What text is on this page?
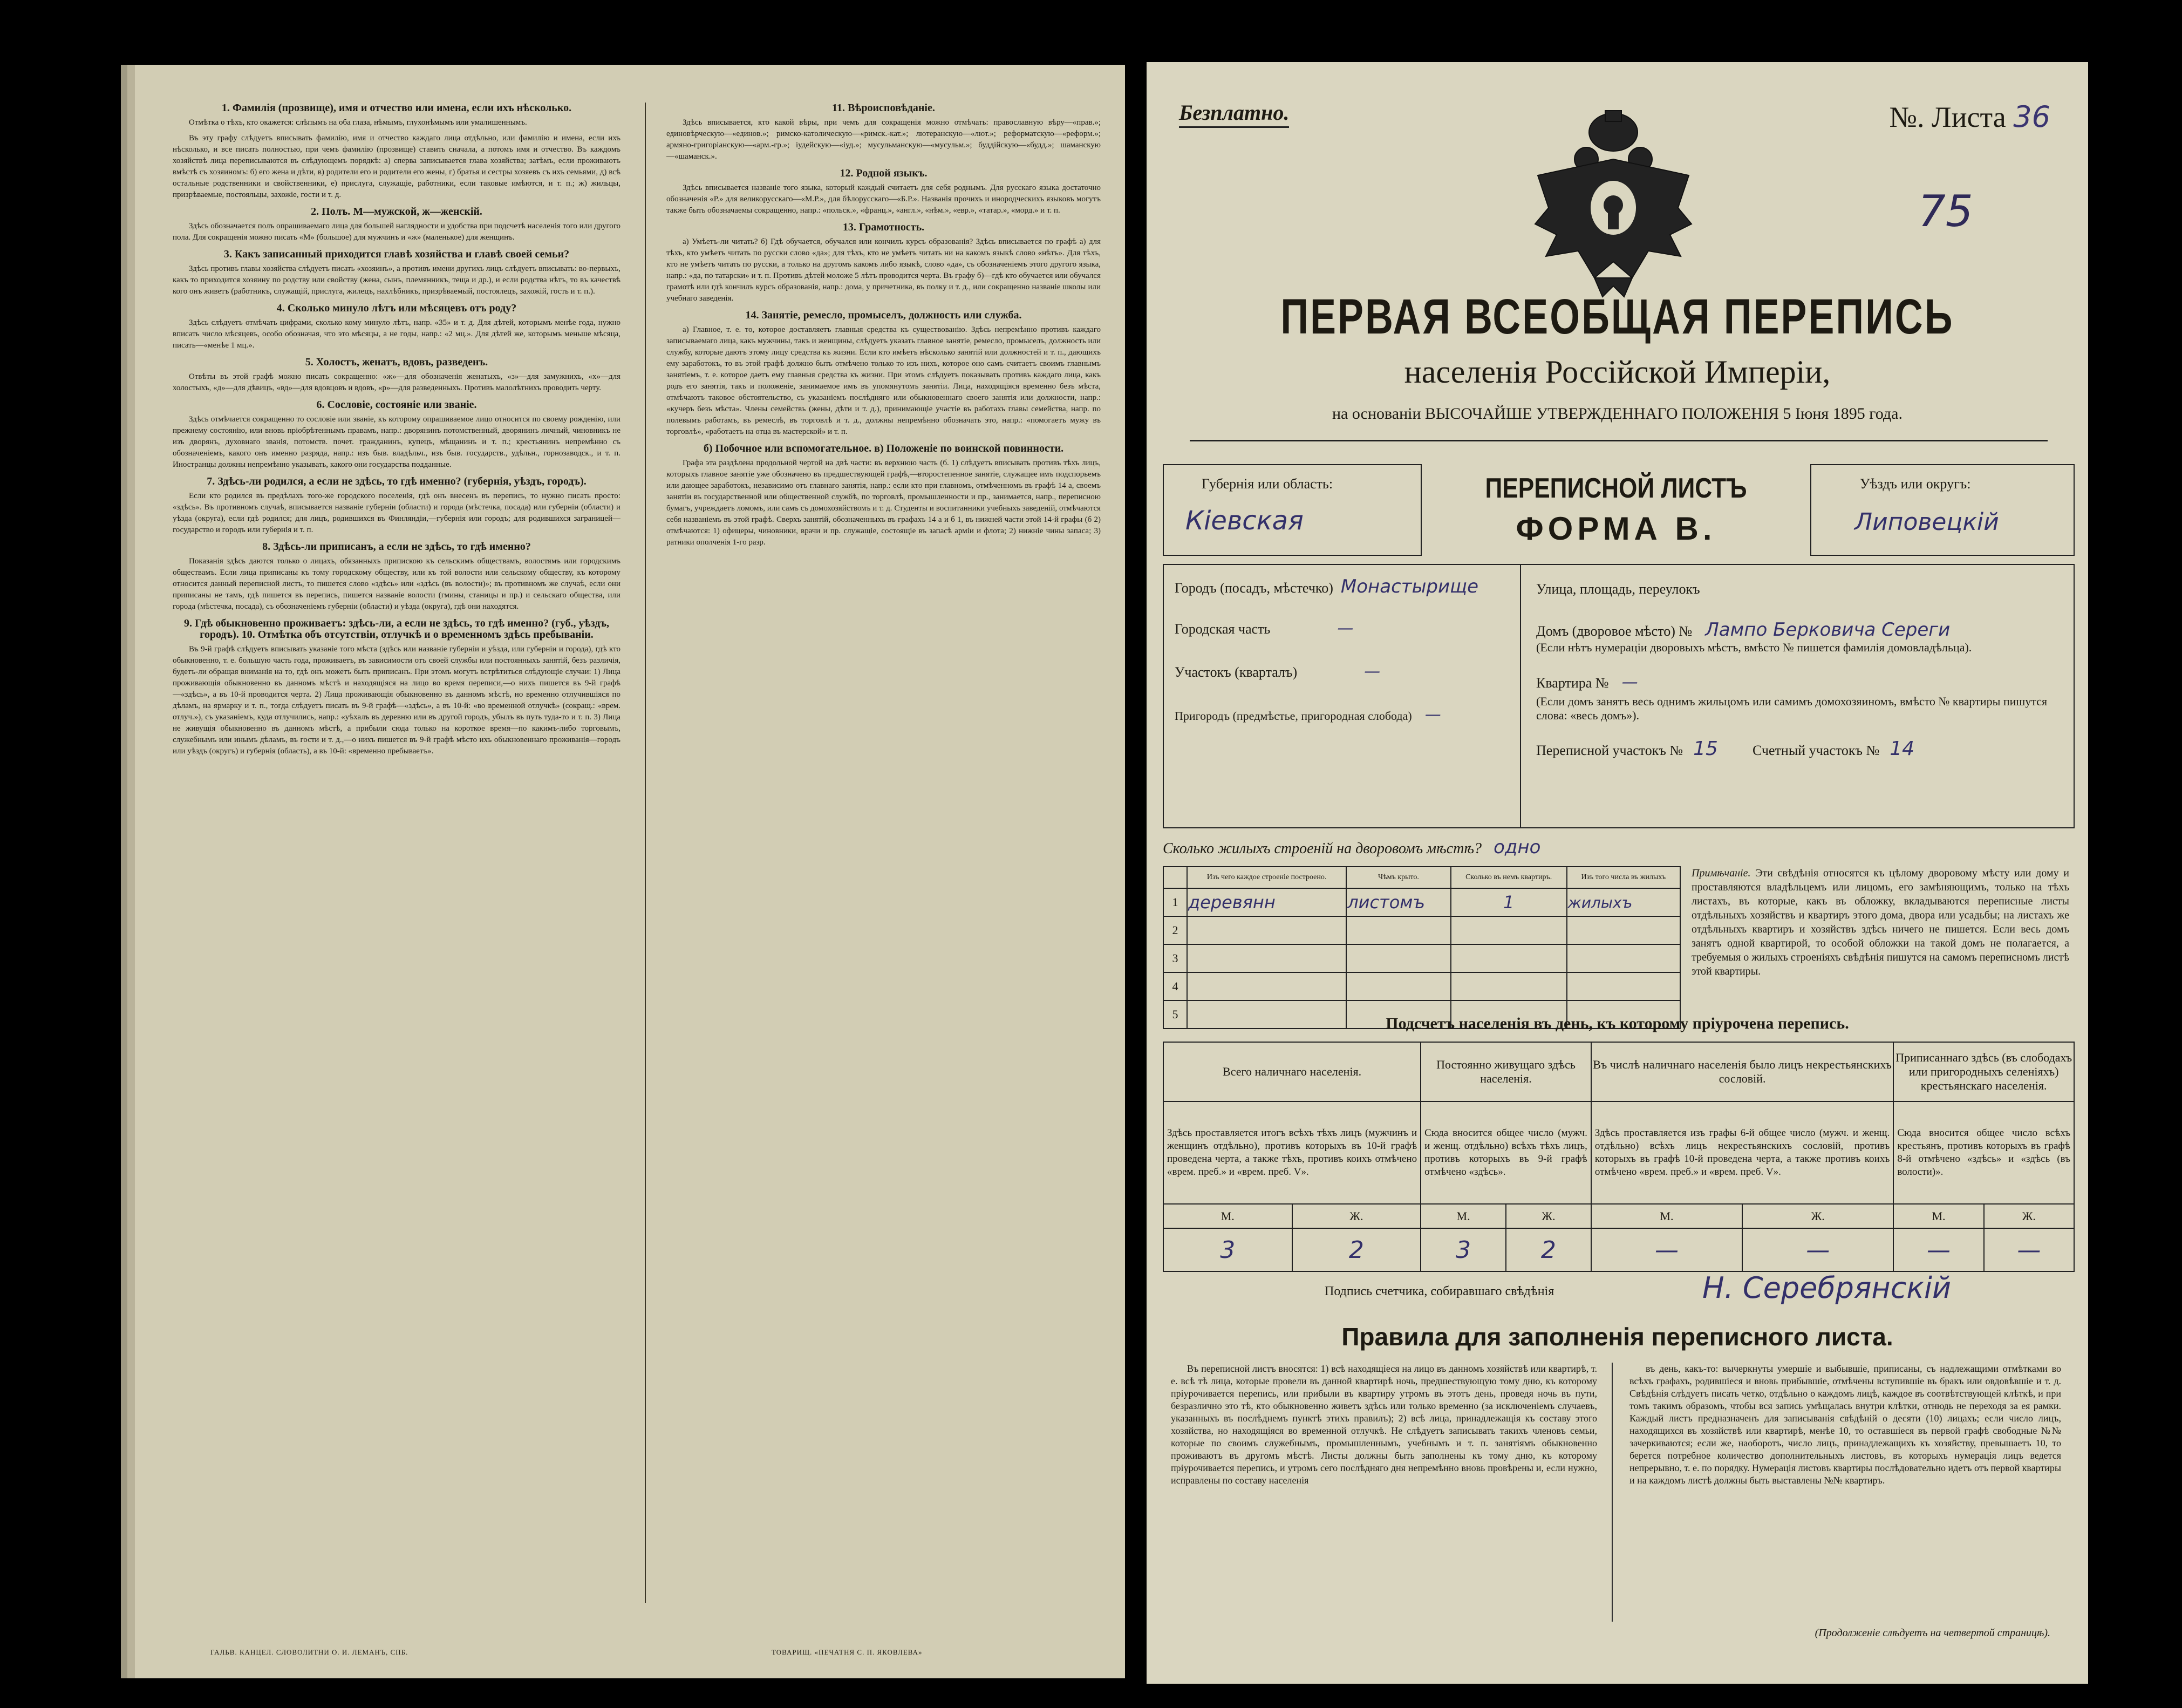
1. Фамилія (прозвище), имя и отчество или имена, если ихъ нѣсколько.

Отмѣтка о тѣхъ, кто окажется: слѣпымъ на оба глаза, нѣмымъ, глухонѣмымъ или умалишеннымъ.

Въ эту графу слѣдуетъ вписывать фамилію, имя и отчество каждаго лица отдѣльно, или фамилію и имена, если ихъ нѣсколько, и все писать полностью, при чемъ фамилію (прозвище) ставить сначала, а потомъ имя и отчество. Въ каждомъ хозяйствѣ лица переписываются въ слѣдующемъ порядкѣ: а) сперва записывается глава хозяйства; затѣмъ, если проживаютъ вмѣстѣ съ хозяиномъ: б) его жена и дѣти, в) родители его и родители его жены, г) братья и сестры хозяевъ съ ихъ семьями, д) всѣ остальные родственники и свойственники, е) прислуга, служащіе, работники, если таковые имѣются, и т. п.; ж) жильцы, призрѣваемые, постояльцы, захожіе, гости и т. д.

2. Полъ. М—мужской, ж—женскій.

Здѣсь обозначается полъ опрашиваемаго лица для большей наглядности и удобства при подсчетѣ населенія того или другого пола. Для сокращенія можно писать «М» (большое) для мужчинъ и «ж» (маленькое) для женщинъ.

3. Какъ записанный приходится главѣ хозяйства и главѣ своей семьи?

Здѣсь противъ главы хозяйства слѣдуетъ писать «хозяинъ», а противъ имени другихъ лицъ слѣдуетъ вписывать: во-первыхъ, какъ то приходится хозяину по родству или свойству (жена, сынъ, племянникъ, теща и др.), и если родства нѣтъ, то въ качествѣ кого онъ живетъ (работникъ, служащій, прислуга, жилецъ, нахлѣбникъ, призрѣваемый, постоялецъ, захожій, гость и т. п.).

4. Сколько минуло лѣтъ или мѣсяцевъ отъ роду?

Здѣсь слѣдуетъ отмѣчать цифрами, сколько кому минуло лѣтъ, напр. «35» и т. д. Для дѣтей, которымъ менѣе года, нужно вписать число мѣсяцевъ, особо обозначая, что это мѣсяцы, а не годы, напр.: «2 мц.». Для дѣтей же, которымъ меньше мѣсяца, писать—«менѣе 1 мц.».

5. Холостъ, женатъ, вдовъ, разведенъ.

Отвѣты въ этой графѣ можно писать сокращенно: «ж»—для обозначенія женатыхъ, «з»—для замужнихъ, «х»—для холостыхъ, «д»—для дѣвицъ, «вд»—для вдовцовъ и вдовъ, «р»—для разведенныхъ. Противъ малолѣтнихъ проводить черту.

6. Сословіе, состояніе или званіе.

Здѣсь отмѣчается сокращенно то сословіе или званіе, къ которому опрашиваемое лицо относится по своему рожденію, или прежнему состоянію, или вновь пріобрѣтеннымъ правамъ, напр.: дворянинъ потомственный, дворянинъ личный, чиновникъ не изъ дворянъ, духовнаго званія, потомств. почет. гражданинъ, купецъ, мѣщанинъ и т. п.; крестьянинъ непремѣнно съ обозначеніемъ, какого онъ именно разряда, напр.: изъ быв. владѣльч., изъ быв. государств., удѣльн., горнозаводск., и т. п. Иностранцы должны непремѣнно указывать, какого они государства подданные.

7. Здѣсь-ли родился, а если не здѣсь, то гдѣ именно? (губернія, уѣздъ, городъ).

Если кто родился въ предѣлахъ того-же городского поселенія, гдѣ онъ внесенъ въ перепись, то нужно писать просто: «здѣсь». Въ противномъ случаѣ, вписывается названіе губерніи (области) и города (мѣстечка, посада) или губерніи (области) и уѣзда (округа), если гдѣ родился; для лицъ, родившихся въ Финляндіи,—губернія или городъ; для родившихся заграницей—государство и городъ или губернія и т. п.

8. Здѣсь-ли приписанъ, а если не здѣсь, то гдѣ именно?

Показанія здѣсь даются только о лицахъ, обязанныхъ припискою къ сельскимъ обществамъ, волостямъ или городскимъ обществамъ. Если лица приписаны къ тому городскому обществу, или къ той волости или сельскому обществу, къ которому относится данный переписной листъ, то пишется слово «здѣсь» или «здѣсь (въ волости)»; въ противномъ же случаѣ, если они приписаны не тамъ, гдѣ пишется въ перепись, пишется названіе волости (гмины, станицы и пр.) и сельскаго общества, или города (мѣстечка, посада), съ обозначеніемъ губерніи (области) и уѣзда (округа), гдѣ они находятся.

9. Гдѣ обыкновенно проживаетъ: здѣсь-ли, а если не здѣсь, то гдѣ именно? (губ., уѣздъ, городъ). 10. Отмѣтка объ отсутствіи, отлучкѣ и о временномъ здѣсь пребываніи.

Въ 9-й графѣ слѣдуетъ вписывать указаніе того мѣста (здѣсь или названіе губерніи и уѣзда, или губерніи и города), гдѣ кто обыкновенно, т. е. большую часть года, проживаетъ, въ зависимости отъ своей службы или постоянныхъ занятій, безъ различія, будетъ-ли обращая вниманія на то, гдѣ онъ можетъ быть приписанъ. При этомъ могутъ встрѣтиться слѣдующіе случаи: 1) Лица проживающія обыкновенно въ данномъ мѣстѣ и находящіяся на лицо во время переписи,—о нихъ пишется въ 9-й графѣ—«здѣсь», а въ 10-й проводится черта. 2) Лица проживающія обыкновенно въ данномъ мѣстѣ, но временно отлучившіяся по дѣламъ, на ярмарку и т. п., тогда слѣдуетъ писать въ 9-й графѣ—«здѣсь», а въ 10-й: «во временной отлучкѣ» (сокращ.: «врем. отлуч.»), съ указаніемъ, куда отлучились, напр.: «уѣхалъ въ деревню или въ другой городъ, убылъ въ путь туда-то и т. п. 3) Лица не живущія обыкновенно въ данномъ мѣстѣ, а прибыли сюда только на короткое время—по какимъ-либо торговымъ, служебнымъ или инымъ дѣламъ, въ гости и т. д.,—о нихъ пишется въ 9-й графѣ мѣсто ихъ обыкновеннаго проживанія—городъ или уѣздъ (округъ) и губернія (область), а въ 10-й: «временно пребываетъ».

11. Вѣроисповѣданіе.

Здѣсь вписывается, кто какой вѣры, при чемъ для сокращенія можно отмѣчать: православную вѣру—«прав.»; единовѣрческую—«единов.»; римско-католическую—«римск.-кат.»; лютеранскую—«лют.»; реформатскую—«реформ.»; армяно-григоріанскую—«арм.-гр.»; іудейскую—«іуд.»; мусульманскую—«мусульм.»; буддійскую—«будд.»; шаманскую—«шаманск.».

12. Родной языкъ.

Здѣсь вписывается названіе того языка, который каждый считаетъ для себя роднымъ. Для русскаго языка достаточно обозначенія «Р.» для великорусскаго—«М.Р.», для бѣлорусскаго—«Б.Р.». Названія прочихъ и инородческихъ языковъ могутъ также быть обозначаемы сокращенно, напр.: «польск.», «франц.», «англ.», «нѣм.», «евр.», «татар.», «морд.» и т. п.

13. Грамотность.

а) Умѣетъ-ли читать? б) Гдѣ обучается, обучался или кончилъ курсъ образованія? Здѣсь вписывается по графѣ а) для тѣхъ, кто умѣетъ читать по русски слово «да»; для тѣхъ, кто не умѣетъ читать ни на какомъ языкѣ слово «нѣтъ». Для тѣхъ, кто не умѣетъ читать по русски, а только на другомъ какомъ либо языкѣ, слово «да», съ обозначеніемъ этого другого языка, напр.: «да, по татарски» и т. п. Противъ дѣтей моложе 5 лѣтъ проводится черта. Въ графу б)—гдѣ кто обучается или обучался грамотѣ или гдѣ кончилъ курсъ образованія, напр.: дома, у причетника, въ полку и т. д., или сокращенно названіе школы или учебнаго заведенія.

14. Занятіе, ремесло, промыселъ, должность или служба.

а) Главное, т. е. то, которое доставляетъ главныя средства къ существованію. Здѣсь непремѣнно противъ каждаго записываемаго лица, какъ мужчины, такъ и женщины, слѣдуетъ указать главное занятіе, ремесло, промыселъ, должность или службу, которые даютъ этому лицу средства къ жизни. Если кто имѣетъ нѣсколько занятій или должностей и т. п., дающихъ ему заработокъ, то въ этой графѣ должно быть отмѣчено только то изъ нихъ, которое оно самъ считаетъ своимъ главнымъ занятіемъ, т. е. которое даетъ ему главныя средства къ жизни. При этомъ слѣдуетъ показывать противъ каждаго лица, какъ родъ его занятія, такъ и положеніе, занимаемое имъ въ упомянутомъ занятіи. Лица, находящіяся временно безъ мѣста, отмѣчаютъ таковое обстоятельство, съ указаніемъ послѣдняго или обыкновеннаго своего занятія или должности, напр.: «кучеръ безъ мѣста». Члены семействъ (жены, дѣти и т. д.), принимающіе участіе въ работахъ главы семейства, напр. по полевымъ работамъ, въ ремеслѣ, въ торговлѣ и т. д., должны непремѣнно обозначать это, напр.: «помогаетъ мужу въ торговлѣ», «работаетъ на отца въ мастерской» и т. п.

б) Побочное или вспомогательное. в) Положеніе по воинской повинности.

Графа эта раздѣлена продольной чертой на двѣ части: въ верхнюю часть (б. 1) слѣдуетъ вписывать противъ тѣхъ лицъ, которыхъ главное занятіе уже обозначено въ предшествующей графѣ,—второстепенное занятіе, служащее имъ подспорьемъ или дающее заработокъ, независимо отъ главнаго занятія, напр.: если кто при главномъ, отмѣченномъ въ графѣ 14 а, своемъ занятіи въ государственной или общественной службѣ, по торговлѣ, промышленности и пр., занимается, напр., переписною бумагъ, учреждаетъ ломомъ, или самъ съ домохозяйствомъ и т. д. Студенты и воспитанники учебныхъ заведеній, отмѣчаются себя названіемъ въ этой графѣ. Сверхъ занятій, обозначенныхъ въ графахъ 14 а и б 1, въ нижней части этой 14-й графы (б 2) отмѣчаются: 1) офицеры, чиновники, врачи и пр. служащіе, состоящіе въ запасѣ арміи и флота; 2) нижніе чины запаса; 3) ратники ополченія 1-го разр.

ГАЛЬВ. КАНЦЕЛ. СЛОВОЛИТНИ О. И. ЛЕМАНЪ, СПБ.	ТОВАРИЩ. «ПЕЧАТНЯ С. П. ЯКОВЛЕВА»
Безплатно.	№. Листа 36
75
ПЕРВАЯ ВСЕОБЩАЯ ПЕРЕПИСЬ
населенія Россійской Имперіи,
на основаніи ВЫСОЧАЙШЕ УТВЕРЖДЕННАГО ПОЛОЖЕНІЯ 5 Іюня 1895 года.
Губернія или область:
Кіевская
ПЕРЕПИСНОЙ ЛИСТЪ
ФОРМА В.
Уѣздъ или округъ:
Липовецкій
Городъ (посадъ, мѣстечко) Монастырище
Городская часть	—
Участокъ (кварталъ)	—
Пригородъ (предмѣстье, пригородная слобода) —
Улица, площадь, переулокъ
Домъ (дворовое мѣсто) № Лампо Берковича Сереги
(Если нѣтъ нумераціи дворовыхъ мѣстъ, вмѣсто № пишется фамилія домовладѣльца).
Квартира № —
(Если домъ занятъ весь однимъ жильцомъ или самимъ домохозяиномъ, вмѣсто № квартиры пишутся слова: «весь домъ»).
Переписной участокъ № 15 Счетный участокъ № 14
Сколько жилыхъ строеній на дворовомъ мѣстѣ? одно
	Изъ чего каждое строеніе построено.	Чѣмъ крыто.	Сколько въ немъ квартиръ.	Изъ того числа въ жилыхъ
1	деревянн	листомъ	1	жилыхъ
2				
3				
4				
5				
Примѣчаніе. Эти свѣдѣнія относятся къ цѣлому дворовому мѣсту или дому и проставляются владѣльцемъ или лицомъ, его замѣняющимъ, только на тѣхъ листахъ, въ которые, какъ въ обложку, вкладываются переписные листы отдѣльныхъ хозяйствъ и квартиръ этого дома, двора или усадьбы; на листахъ же отдѣльныхъ квартиръ и хозяйствъ здѣсь ничего не пишется. Если весь домъ занятъ одной квартирой, то особой обложки на такой домъ не полагается, а требуемыя о жилыхъ строеніяхъ свѣдѣнія пишутся на самомъ переписномъ листѣ этой квартиры.
Подсчетъ населенія въ день, къ которому пріурочена перепись.
Всего наличнаго населенія.		Постоянно живущаго здѣсь населенія.		Въ числѣ наличнаго населенія было лицъ некрестьянскихъ сословій.		Приписаннаго здѣсь (въ слободахъ или пригородныхъ селеніяхъ) крестьянскаго населенія.	
Здѣсь проставляется итогъ всѣхъ тѣхъ лицъ (мужчинъ и женщинъ отдѣльно), противъ которыхъ въ 10-й графѣ проведена черта, а также тѣхъ, противъ коихъ отмѣчено «врем. преб.» и «врем. преб. V».		Сюда вносится общее число (мужч. и женщ. отдѣльно) всѣхъ тѣхъ лицъ, противъ которыхъ въ 9-й графѣ отмѣчено «здѣсь».		Здѣсь проставляется изъ графы 6-й общее число (мужч. и женщ. отдѣльно) всѣхъ лицъ некрестьянскихъ сословій, противъ которыхъ въ графѣ 10-й проведена черта, а также противъ коихъ отмѣчено «врем. преб.» и «врем. преб. V».		Сюда вносится общее число всѣхъ крестьянъ, противъ которыхъ въ графѣ 8-й отмѣчено «здѣсь» и «здѣсь (въ волости)».	
М.	Ж.	М.	Ж.	М.	Ж.	М.	Ж.
3	2	3	2	—	—	—	—
Подпись счетчика, собиравшаго свѣдѣнія	Н. Серебрянскій
Правила для заполненія переписного листа.

Въ переписной листъ вносятся: 1) всѣ находящіеся на лицо въ данномъ хозяйствѣ или квартирѣ, т. е. всѣ тѣ лица, которые провели въ данной квартирѣ ночь, предшествующую тому дню, къ которому пріурочивается перепись, или прибыли въ квартиру утромъ въ этотъ день, проведя ночь въ пути, безразлично это тѣ, кто обыкновенно живетъ здѣсь или только временно (за исключеніемъ случаевъ, указанныхъ въ послѣднемъ пунктѣ этихъ правилъ); 2) всѣ лица, принадлежащія къ составу этого хозяйства, но находящіяся во временной отлучкѣ. Не слѣдуетъ записывать такихъ членовъ семьи, которые по своимъ служебнымъ, промышленнымъ, учебнымъ и т. п. занятіямъ обыкновенно проживаютъ въ другомъ мѣстѣ. Листы должны быть заполнены къ тому дню, къ которому пріурочивается перепись, и утромъ сего послѣдняго дня непремѣнно вновь провѣрены и, если нужно, исправлены по составу населенія

въ день, какъ-то: вычеркнуты умершіе и выбывшіе, приписаны, съ надлежащими отмѣтками во всѣхъ графахъ, родившіеся и вновь прибывшіе, отмѣчены вступившіе въ бракъ или овдовѣвшіе и т. д. Свѣдѣнія слѣдуетъ писать четко, отдѣльно о каждомъ лицѣ, каждое въ соотвѣтствующей клѣткѣ, и при томъ такимъ образомъ, чтобы вся запись умѣщалась внутри клѣтки, отнюдь не переходя за ея рамки. Каждый листъ предназначенъ для записыванія свѣдѣній о десяти (10) лицахъ; если число лицъ, находящихся въ хозяйствѣ или квартирѣ, менѣе 10, то оставшіеся въ первой графѣ свободные №№ зачеркиваются; если же, наоборотъ, число лицъ, принадлежащихъ къ хозяйству, превышаетъ 10, то берется потребное количество дополнительныхъ листовъ, въ которыхъ нумерація лицъ ведется непрерывно, т. е. по порядку. Нумерація листовъ квартиры послѣдовательно идетъ отъ первой квартиры и на каждомъ листѣ должны быть выставлены №№ квартиръ.

(Продолженіе слѣдуетъ на четвертой страницѣ).
